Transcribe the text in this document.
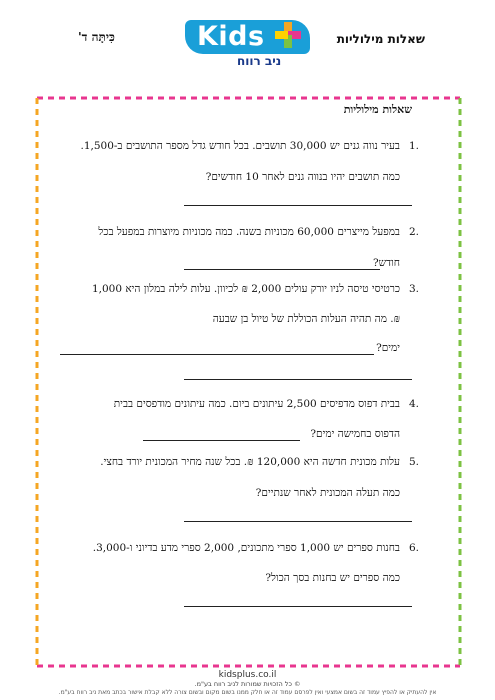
שאלות מילוליות
Kids
ניב רווח
כִּיתָּה ד'
שאלות מילוליות
1.
בעיר נווה גנים יש 30,000 תושבים. בכל חודש גדל מספר התושבים ב-1,500.
כמה תושבים יהיו בנווה גנים לאחר 10 חודשים?
2.
במפעל מייצרים 60,000 מכוניות בשנה. כמה מכוניות מיוצרות במפעל בכל
חודש?
3.
כרטיסי טיסה לניו יורק עולים 2,000 ₪ לכיוון. עלות לילה במלון היא 1,000
₪. מה תהיה העלות הכוללת של טיול בן שבעה
ימים?
4.
בבית דפוס מדפיסים 2,500 עיתונים ביום. כמה עיתונים מודפסים בבית
הדפוס בחמישה ימים?
5.
עלות מכונית חדשה היא 120,000 ₪. בכל שנה מחיר המכונית יורד בחצי.
כמה תעלה המכונית לאחר שנתיים?
6.
בחנות ספרים יש 1,000 ספרי מתכונים, 2,000 ספרי מדע בדיוני ו-3,000.
כמה ספרים יש בחנות בסך הכול?
kidsplus.co.il
© כל הזכויות שמורות לניב רווח בע"מ.
אין להעתיק או להפיץ עמוד זה בשום אמצעי ואין לפרסם עמוד זה או חלק ממנו בשום מקום ובשום צורה ללא קבלת אישור בכתב מאת ניב רווח בע"מ.
